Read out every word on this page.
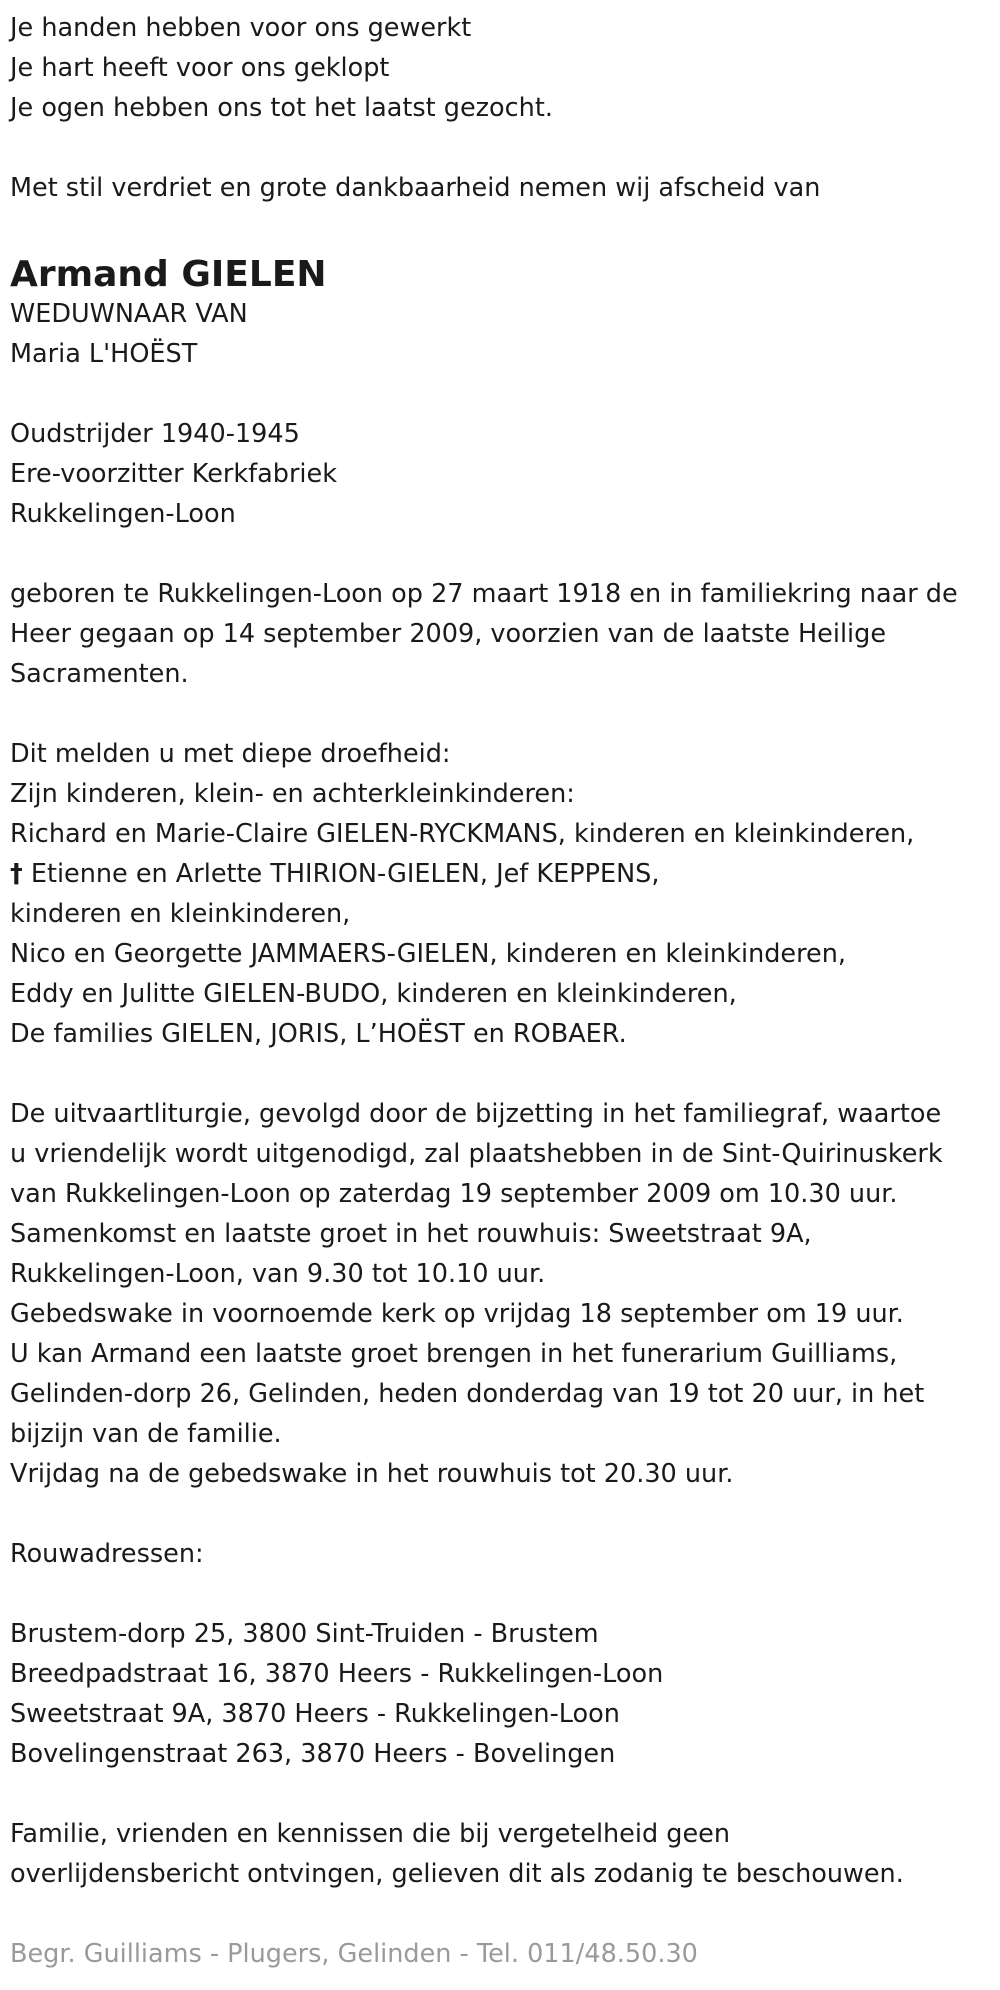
Je handen hebben voor ons gewerkt
Je hart heeft voor ons geklopt
Je ogen hebben ons tot het laatst gezocht.
Met stil verdriet en grote dankbaarheid nemen wij afscheid van
Armand GIELEN
WEDUWNAAR VAN
Maria L'HOËST
Oudstrijder 1940-1945
Ere-voorzitter Kerkfabriek
Rukkelingen-Loon
geboren te Rukkelingen-Loon op 27 maart 1918 en in familiekring naar de
Heer gegaan op 14 september 2009, voorzien van de laatste Heilige
Sacramenten.
Dit melden u met diepe droefheid:
Zijn kinderen, klein- en achterkleinkinderen:
Richard en Marie-Claire GIELEN-RYCKMANS, kinderen en kleinkinderen,
† Etienne en Arlette THIRION-GIELEN, Jef KEPPENS,
kinderen en kleinkinderen,
Nico en Georgette JAMMAERS-GIELEN, kinderen en kleinkinderen,
Eddy en Julitte GIELEN-BUDO, kinderen en kleinkinderen,
De families GIELEN, JORIS, L’HOËST en ROBAER.
De uitvaartliturgie, gevolgd door de bijzetting in het familiegraf, waartoe
u vriendelijk wordt uitgenodigd, zal plaatshebben in de Sint-Quirinuskerk
van Rukkelingen-Loon op zaterdag 19 september 2009 om 10.30 uur.
Samenkomst en laatste groet in het rouwhuis: Sweetstraat 9A,
Rukkelingen-Loon, van 9.30 tot 10.10 uur.
Gebedswake in voornoemde kerk op vrijdag 18 september om 19 uur.
U kan Armand een laatste groet brengen in het funerarium Guilliams,
Gelinden-dorp 26, Gelinden, heden donderdag van 19 tot 20 uur, in het
bijzijn van de familie.
Vrijdag na de gebedswake in het rouwhuis tot 20.30 uur.
Rouwadressen:
Brustem-dorp 25, 3800 Sint-Truiden - Brustem
Breedpadstraat 16, 3870 Heers - Rukkelingen-Loon
Sweetstraat 9A, 3870 Heers - Rukkelingen-Loon
Bovelingenstraat 263, 3870 Heers - Bovelingen
Familie, vrienden en kennissen die bij vergetelheid geen
overlijdensbericht ontvingen, gelieven dit als zodanig te beschouwen.
Begr. Guilliams - Plugers, Gelinden - Tel. 011/48.50.30
